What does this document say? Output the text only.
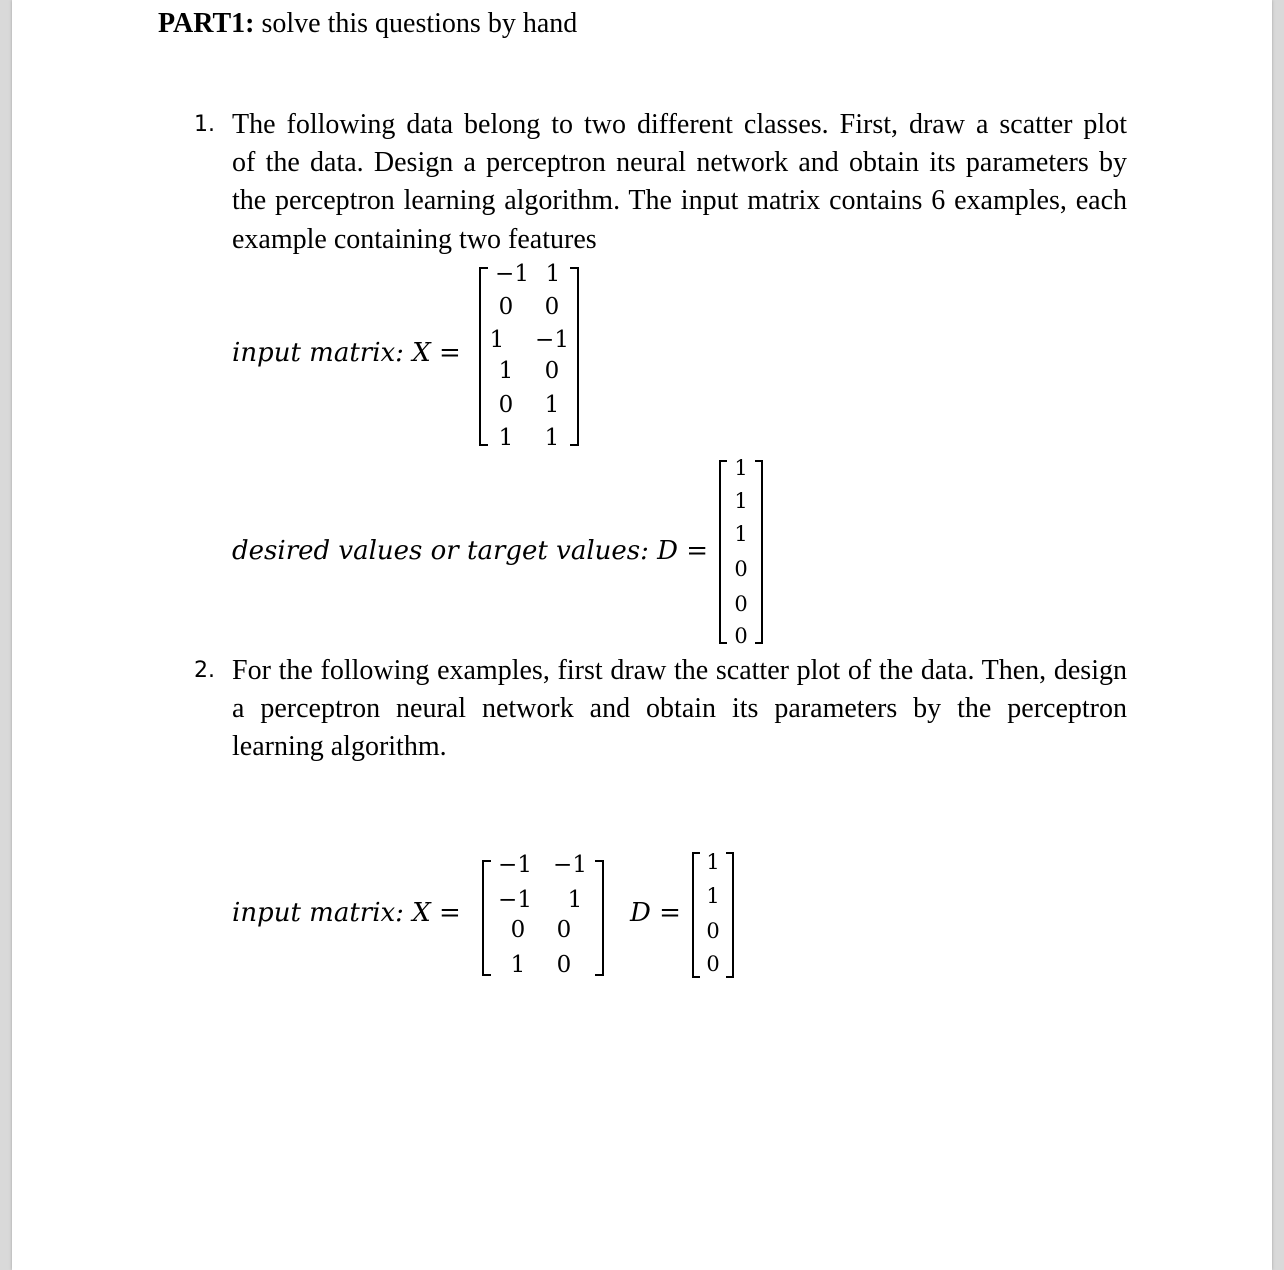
PART1: solve this questions by hand
1. The following data belong to two different classes. First, draw a scatter plot
of the data. Design a perceptron neural network and obtain its parameters by
the perceptron learning algorithm. The input matrix contains 6 examples, each
example containing two features
input matrix: X =
−1 1
0	0
1	−1
1	0
0	1
1	1
desired values or target values: D =
1
1
1
0
0
0
2. For the following examples, first draw the scatter plot of the data. Then, design
a perceptron neural network and obtain its parameters by the perceptron
learning algorithm.
input matrix: X =
−1 −1
−1	1
0	0
1	0
D =
1
1
0
0
